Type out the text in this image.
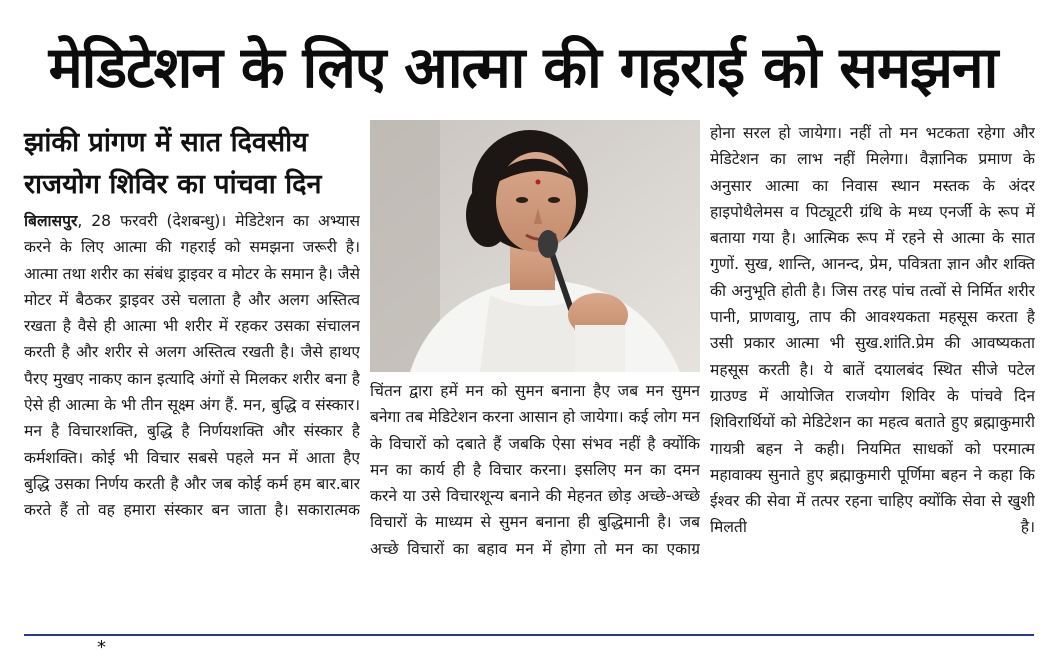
मेडिटेशन के लिए आत्मा की गहराई को समझना
झांकी प्रांगण में सात दिवसीय
राजयोग शिविर का पांचवा दिन
बिलासपुर, 28 फरवरी (देशबन्धु)। मेडिटेशन का अभ्यास करने के लिए आत्मा की गहराई को समझना जरूरी है। आत्मा तथा शरीर का संबंध ड्राइवर व मोटर के समान है। जैसे मोटर में बैठकर ड्राइवर उसे चलाता है और अलग अस्तित्व रखता है वैसे ही आत्मा भी शरीर में रहकर उसका संचालन करती है और शरीर से अलग अस्तित्व रखती है। जैसे हाथए पैरए मुखए नाकए कान इत्यादि अंगों से मिलकर शरीर बना है ऐसे ही आत्मा के भी तीन सूक्ष्म अंग हैं. मन, बुद्धि व संस्कार। मन है विचारशक्ति, बुद्धि है निर्णयशक्ति और संस्कार है कर्मशक्ति। कोई भी विचार सबसे पहले मन में आता हैए बुद्धि उसका निर्णय करती है और जब कोई कर्म हम बार.बार करते हैं तो वह हमारा संस्कार बन जाता है। सकारात्मक
चिंतन द्वारा हमें मन को सुमन बनाना हैए जब मन सुमन बनेगा तब मेडिटेशन करना आसान हो जायेगा। कई लोग मन के विचारों को दबाते हैं जबकि ऐसा संभव नहीं है क्योंकि मन का कार्य ही है विचार करना। इसलिए मन का दमन करने या उसे विचारशून्य बनाने की मेहनत छोड़ अच्छे-अच्छे विचारों के माध्यम से सुमन बनाना ही बुद्धिमानी है। जब अच्छे विचारों का बहाव मन में होगा तो मन का एकाग्र
होना सरल हो जायेगा। नहीं तो मन भटकता रहेगा और मेडिटेशन का लाभ नहीं मिलेगा। वैज्ञानिक प्रमाण के अनुसार आत्मा का निवास स्थान मस्तक के अंदर हाइपोथैलेमस व पिट्यूटरी ग्रंथि के मध्य एनर्जी के रूप में बताया गया है। आत्मिक रूप में रहने से आत्मा के सात गुणों. सुख, शान्ति, आनन्द, प्रेम, पवित्रता ज्ञान और शक्ति की अनुभूति होती है। जिस तरह पांच तत्वों से निर्मित शरीर पानी, प्राणवायु, ताप की आवश्यकता महसूस करता है उसी प्रकार आत्मा भी सुख.शांति.प्रेम की आवष्यकता महसूस करती है। ये बातें दयालबंद स्थित सीजे पटेल ग्राउण्ड में आयोजित राजयोग शिविर के पांचवे दिन शिविरार्थियों को मेडिटेशन का महत्व बताते हुए ब्रह्माकुमारी गायत्री बहन ने कही। नियमित साधकों को परमात्म महावाक्य सुनाते हुए ब्रह्माकुमारी पूर्णिमा बहन ने कहा कि ईश्वर की सेवा में तत्पर रहना चाहिए क्योंकि सेवा से खुशी मिलती है।
*
